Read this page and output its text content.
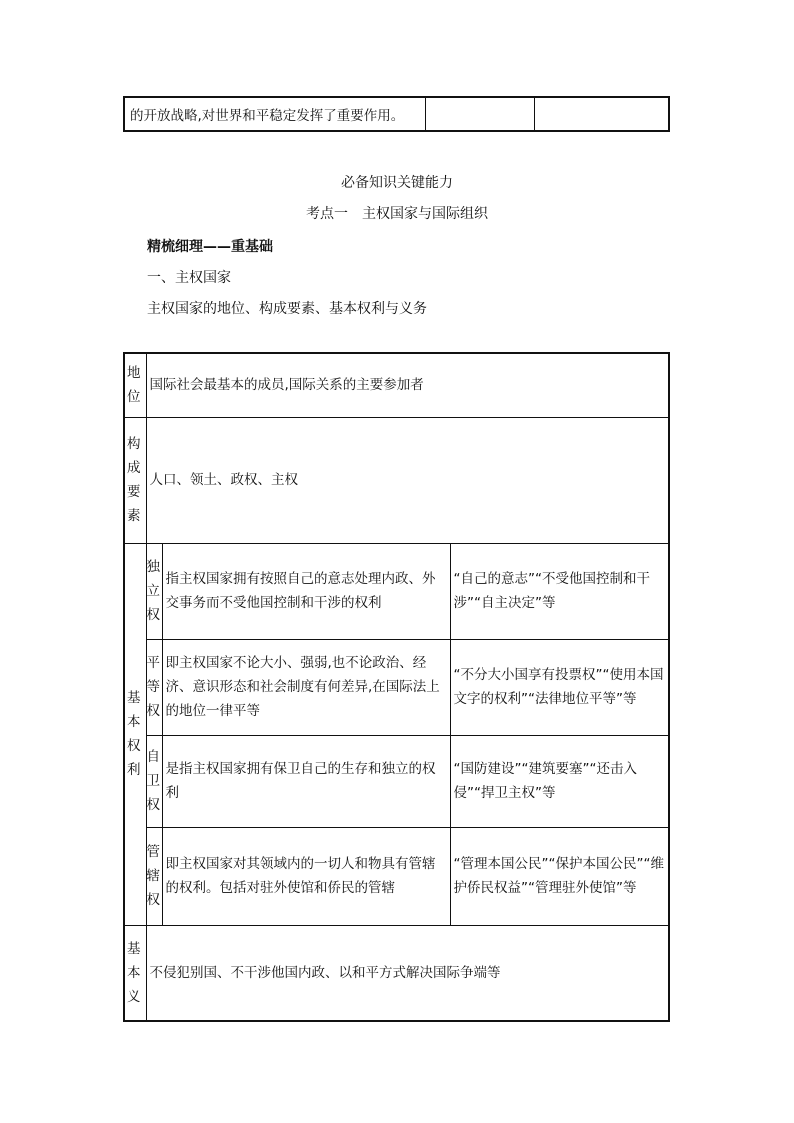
的开放战略,对世界和平稳定发挥了重要作用。		
必备知识关键能力
考点一　主权国家与国际组织
精梳细理——重基础
一、主权国家
主权国家的地位、构成要素、基本权利与义务
地
位	国际社会最基本的成员,国际关系的主要参加者		

构
成
要
素	人口、领土、政权、主权		

基
本
权
利	独
立
权	指主权国家拥有按照自己的意志处理内政、外交事务而不受他国控制和干涉的权利	“自己的意志”“不受他国控制和干涉”“自主决定”等

	平
等
权	即主权国家不论大小、强弱,也不论政治、经济、意识形态和社会制度有何差异,在国际法上的地位一律平等	“不分大小国享有投票权”“使用本国文字的权利”“法律地位平等”等

	自
卫
权	是指主权国家拥有保卫自己的生存和独立的权利	“国防建设”“建筑要塞”“还击入侵”“捍卫主权”等

	管
辖
权	即主权国家对其领域内的一切人和物具有管辖的权利。包括对驻外使馆和侨民的管辖	“管理本国公民”“保护本国公民”“维护侨民权益”“管理驻外使馆”等

基
本
义	不侵犯别国、不干涉他国内政、以和平方式解决国际争端等		
